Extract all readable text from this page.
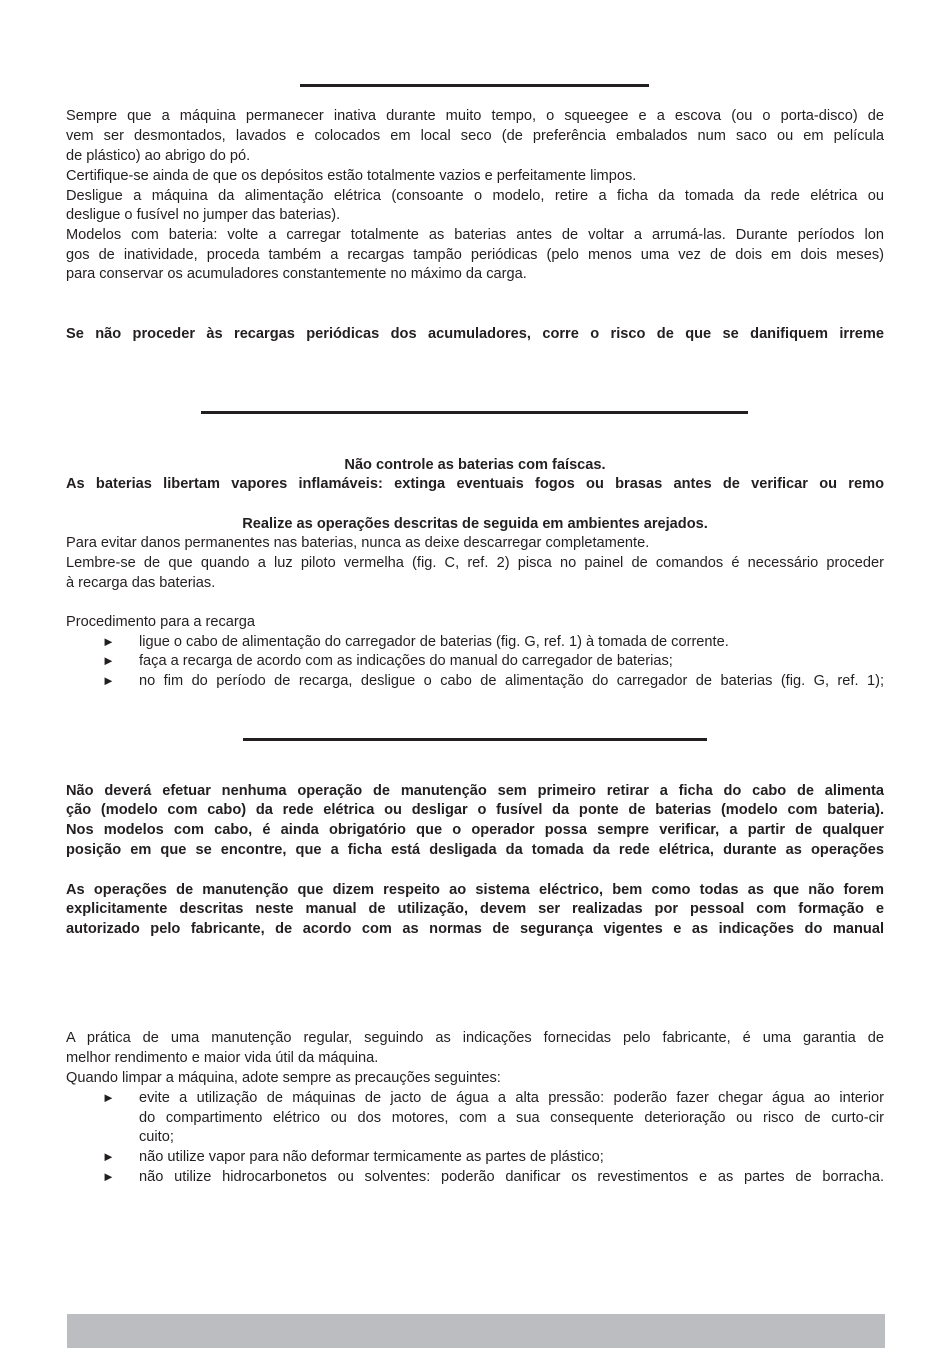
Sempre que a máquina permanecer inativa durante muito tempo, o squeegee e a escova (ou o porta-disco) de
vem ser desmontados, lavados e colocados em local seco (de preferência embalados num saco ou em película
de plástico) ao abrigo do pó.
Certifique-se ainda de que os depósitos estão totalmente vazios e perfeitamente limpos.
Desligue a máquina da alimentação elétrica (consoante o modelo, retire a ficha da tomada da rede elétrica ou
desligue o fusível no jumper das baterias).
Modelos com bateria: volte a carregar totalmente as baterias antes de voltar a arrumá-las. Durante períodos lon
gos de inatividade, proceda também a recargas tampão periódicas (pelo menos uma vez de dois em dois meses)
para conservar os acumuladores constantemente no máximo da carga.
Se não proceder às recargas periódicas dos acumuladores, corre o risco de que se danifiquem irreme
Não controle as baterias com faíscas.
As baterias libertam vapores inflamáveis: extinga eventuais fogos ou brasas antes de verificar ou remo
Realize as operações descritas de seguida em ambientes arejados.
Para evitar danos permanentes nas baterias, nunca as deixe descarregar completamente.
Lembre-se de que quando a luz piloto vermelha (fig. C, ref. 2) pisca no painel de comandos é necessário proceder
à recarga das baterias.
Procedimento para a recarga
► ligue o cabo de alimentação do carregador de baterias (fig. G, ref. 1) à tomada de corrente.
► faça a recarga de acordo com as indicações do manual do carregador de baterias;
► no fim do período de recarga, desligue o cabo de alimentação do carregador de baterias (fig. G, ref. 1);
Não deverá efetuar nenhuma operação de manutenção sem primeiro retirar a ficha do cabo de alimenta
ção (modelo com cabo) da rede elétrica ou desligar o fusível da ponte de baterias (modelo com bateria).
Nos modelos com cabo, é ainda obrigatório que o operador possa sempre verificar, a partir de qualquer
posição em que se encontre, que a ficha está desligada da tomada da rede elétrica, durante as operações
As operações de manutenção que dizem respeito ao sistema eléctrico, bem como todas as que não forem
explicitamente descritas neste manual de utilização, devem ser realizadas por pessoal com formação e
autorizado pelo fabricante, de acordo com as normas de segurança vigentes e as indicações do manual
A prática de uma manutenção regular, seguindo as indicações fornecidas pelo fabricante, é uma garantia de
melhor rendimento e maior vida útil da máquina.
Quando limpar a máquina, adote sempre as precauções seguintes:
► evite a utilização de máquinas de jacto de água a alta pressão: poderão fazer chegar água ao interior
do compartimento elétrico ou dos motores, com a sua consequente deterioração ou risco de curto-cir
cuito;
► não utilize vapor para não deformar termicamente as partes de plástico;
► não utilize hidrocarbonetos ou solventes: poderão danificar os revestimentos e as partes de borracha.
